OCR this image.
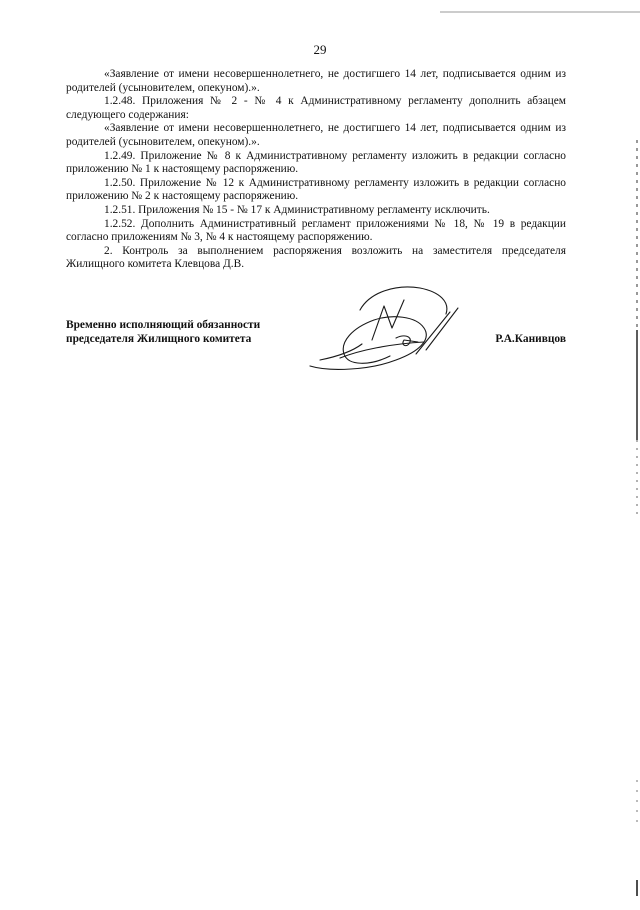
29

«Заявление от имени несовершеннолетнего, не достигшего 14 лет, подписывается одним из родителей (усыновителем, опекуном).».

1.2.48. Приложения № 2 - № 4 к Административному регламенту дополнить абзацем следующего содержания:

«Заявление от имени несовершеннолетнего, не достигшего 14 лет, подписывается одним из родителей (усыновителем, опекуном).».

1.2.49. Приложение № 8 к Административному регламенту изложить в редакции согласно приложению № 1 к настоящему распоряжению.

1.2.50. Приложение № 12 к Административному регламенту изложить в редакции согласно приложению № 2 к настоящему распоряжению.

1.2.51. Приложения № 15 - № 17 к Административному регламенту исключить.

1.2.52. Дополнить Административный регламент приложениями № 18, № 19 в редакции согласно приложениям № 3, № 4 к настоящему распоряжению.

2. Контроль за выполнением распоряжения возложить на заместителя председателя Жилищного комитета Клевцова Д.В.

Временно исполняющий обязанности
председателя Жилищного комитета	Р.А.Канивцов
